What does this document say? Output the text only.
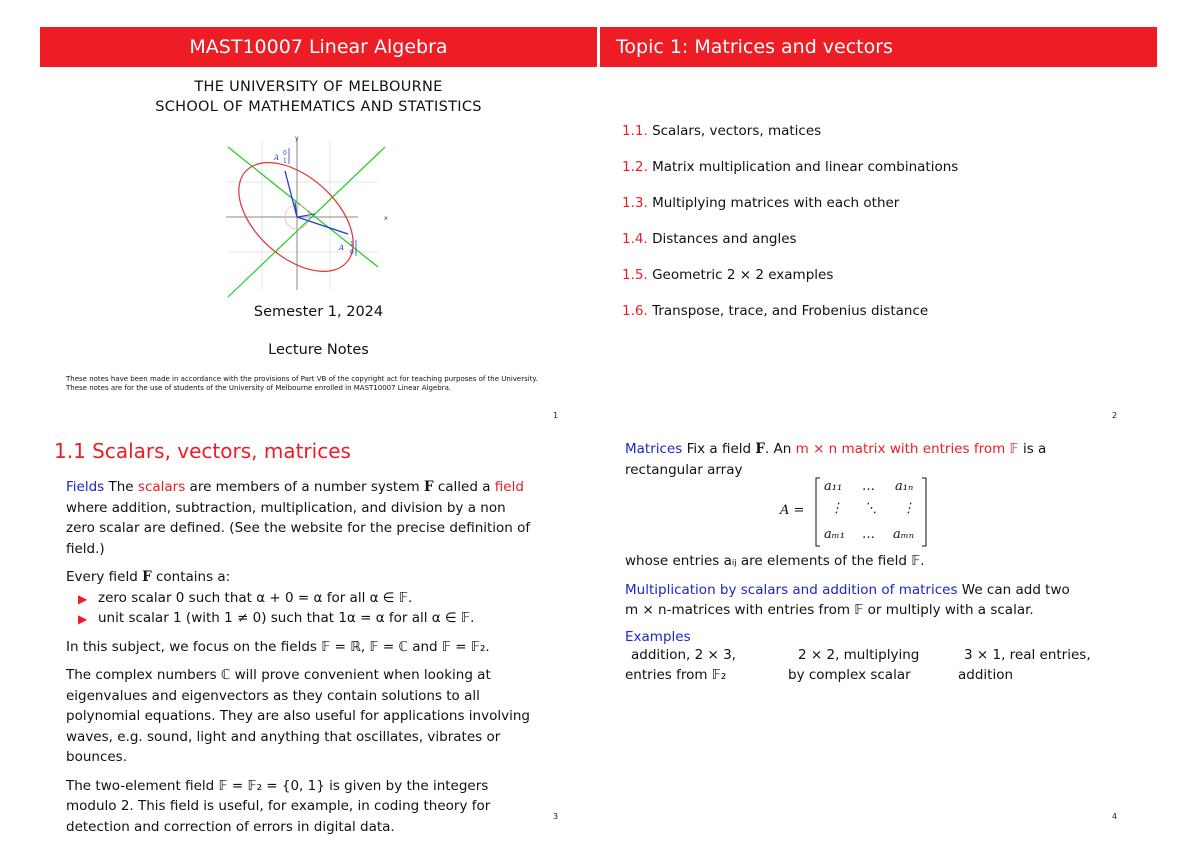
MAST10007 Linear Algebra
THE UNIVERSITY OF MELBOURNE
SCHOOL OF MATHEMATICS AND STATISTICS
y
x
A
0
1
A 1
0
Semester 1, 2024
Lecture Notes
These notes have been made in accordance with the provisions of Part VB of the copyright act for teaching purposes of the University. These notes are for the use of students of the University of Melbourne enrolled in MAST10007 Linear Algebra.
1
Topic 1: Matrices and vectors
1.1. Scalars, vectors, matices
1.2. Matrix multiplication and linear combinations
1.3. Multiplying matrices with each other
1.4. Distances and angles
1.5. Geometric 2 × 2 examples
1.6. Transpose, trace, and Frobenius distance
2
1.1 Scalars, vectors, matrices

Fields The scalars are members of a number system F called a field where addition, subtraction, multiplication, and division by a non zero scalar are defined. (See the website for the precise definition of field.)

Every field F contains a:

▶ zero scalar 0 such that α + 0 = α for all α ∈ 𝔽.
▶ unit scalar 1 (with 1 ≠ 0) such that 1α = α for all α ∈ 𝔽.

In this subject, we focus on the fields 𝔽 = ℝ, 𝔽 = ℂ and 𝔽 = 𝔽₂.

The complex numbers ℂ will prove convenient when looking at eigenvalues and eigenvectors as they contain solutions to all polynomial equations. They are also useful for applications involving waves, e.g. sound, light and anything that oscillates, vibrates or bounces.

The two-element field 𝔽 = 𝔽₂ = {0, 1} is given by the integers modulo 2. This field is useful, for example, in coding theory for detection and correction of errors in digital data.

3

Matrices Fix a field F. An m × n matrix with entries from 𝔽 is a rectangular array

A =
a₁₁ … a₁ₙ
⋮ ⋱ ⋮
aₘ₁ … aₘₙ

whose entries aᵢⱼ are elements of the field 𝔽.

Multiplication by scalars and addition of matrices We can add two m × n-matrices with entries from 𝔽 or multiply with a scalar.

Examples
addition, 2 × 3,
entries from 𝔽₂
2 × 2, multiplying
by complex scalar
3 × 1, real entries,
addition
4
